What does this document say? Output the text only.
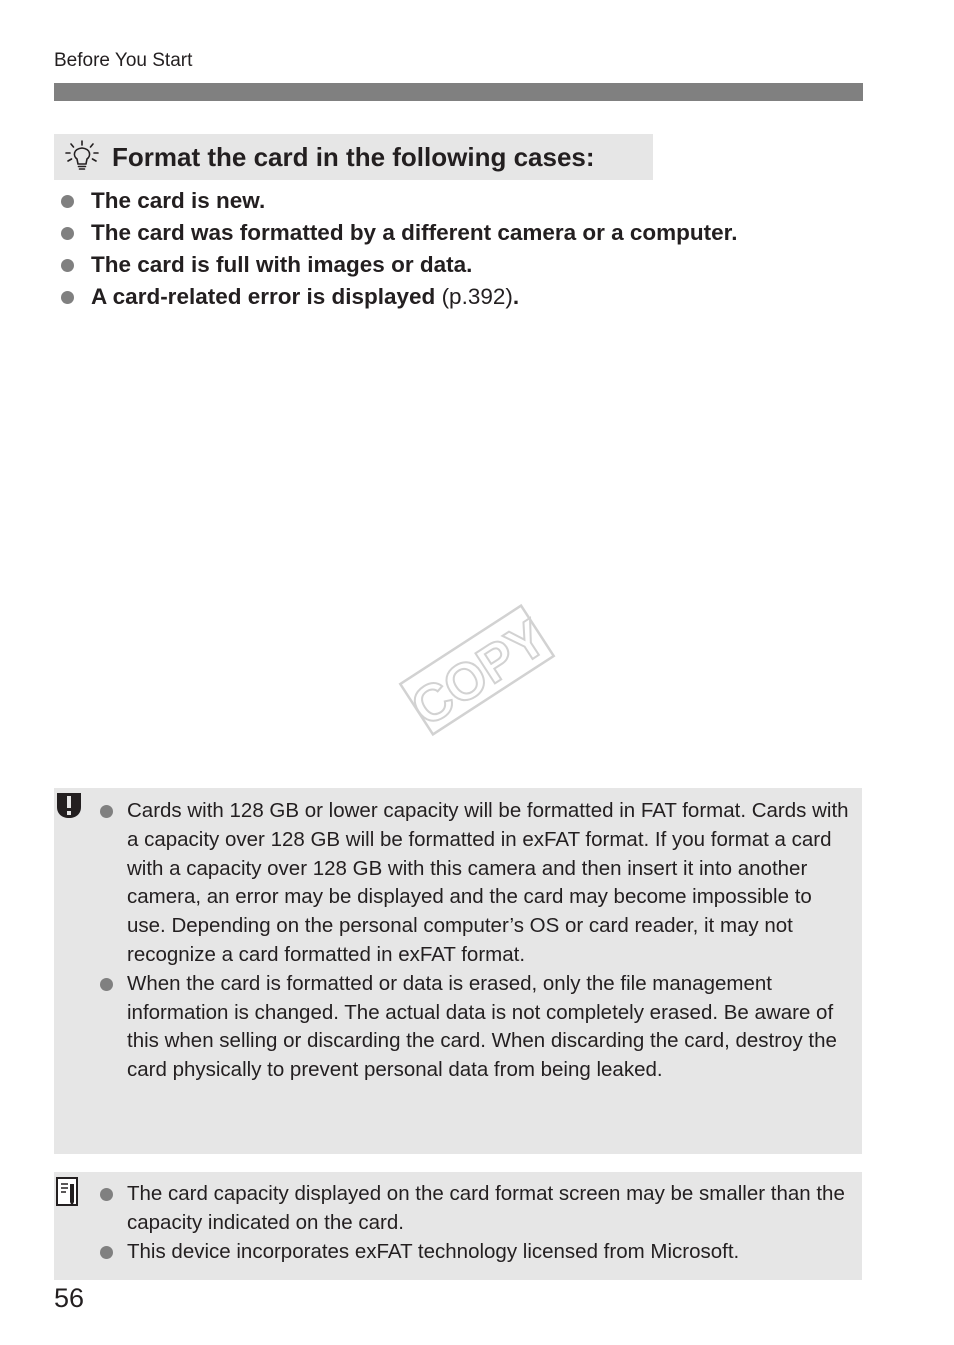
Before You Start
Format the card in the following cases:
The card is new.
The card was formatted by a different camera or a computer.
The card is full with images or data.
A card-related error is displayed (p.392) .
COPY
Cards with 128 GB or lower capacity will be formatted in FAT format. Cards with a capacity over 128 GB will be formatted in exFAT format. If you format a card with a capacity over 128 GB with this camera and then insert it into another camera, an error may be displayed and the card may become impossible to use. Depending on the personal computer’s OS or card reader, it may not recognize a card formatted in exFAT format.
When the card is formatted or data is erased, only the file management information is changed. The actual data is not completely erased. Be aware of this when selling or discarding the card. When discarding the card, destroy the card physically to prevent personal data from being leaked.
The card capacity displayed on the card format screen may be smaller than the capacity indicated on the card.
This device incorporates exFAT technology licensed from Microsoft.
56
